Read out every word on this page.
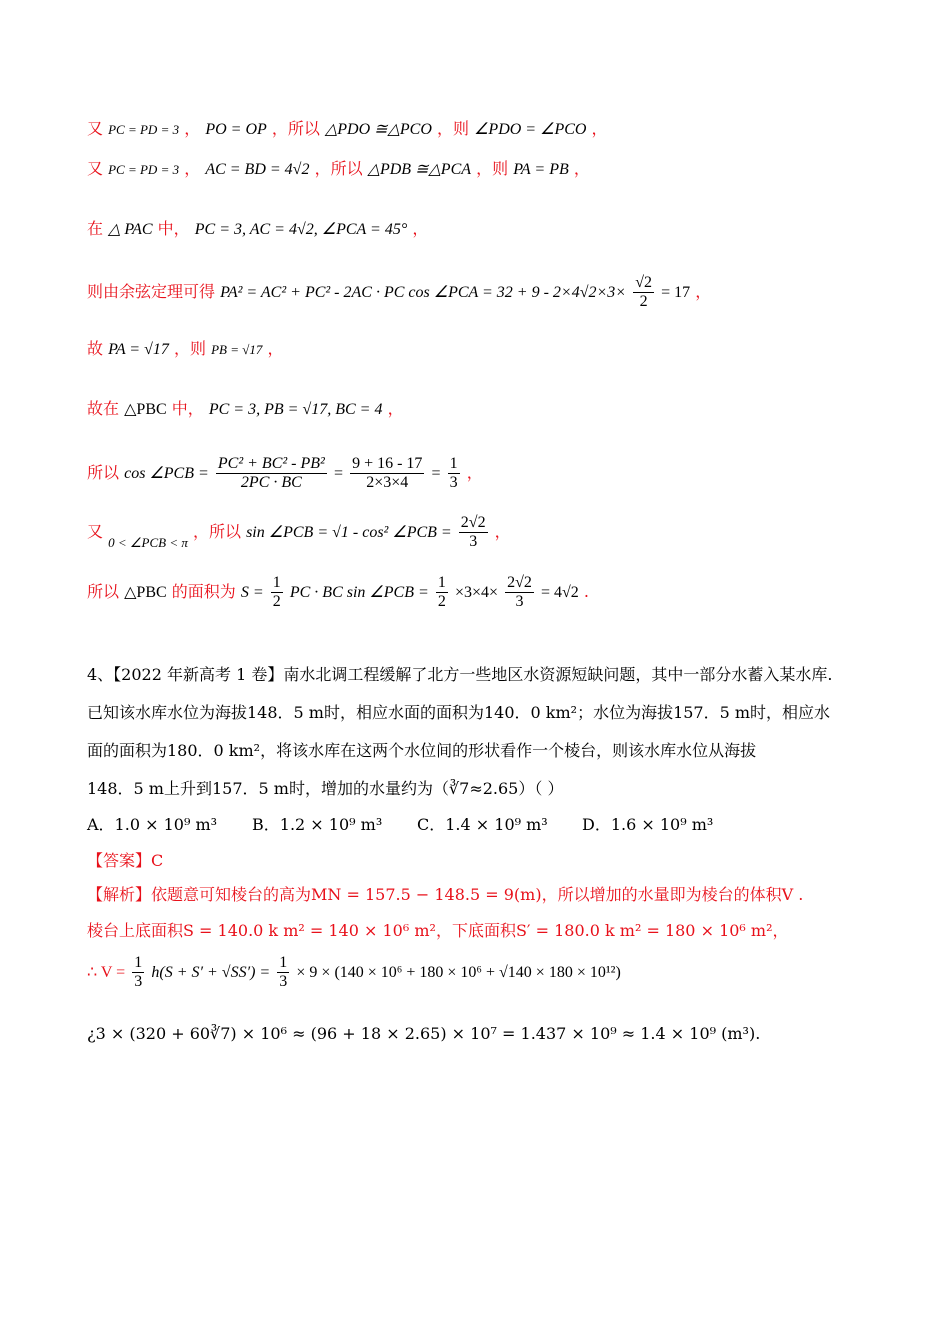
又 PC = PD = 3 ， PO = OP ，所以 △PDO ≅△PCO ，则 ∠PDO = ∠PCO ，
又 PC = PD = 3 ， AC = BD = 4√2 ，所以 △PDB ≅△PCA ，则 PA = PB ，
在 △ PAC 中， PC = 3, AC = 4√2, ∠PCA = 45° ，
则由余弦定理可得 PA² = AC² + PC² - 2AC · PC cos ∠PCA = $32 + 9 - 2\times 4√2\times 3\times \frac{√2}{2} = 17$ ，
故 PA = √17 ，则 PB = √17 ，
故在 △PBC 中， PC = 3, PB = √17, BC = 4 ，
所以 cos ∠PCB = $\frac{\text{PC² + BC² - PB²}}{2PC \cdot BC} = \frac{9 + 16 - 17}{2\times 3\times 4} = \frac{1}{3}$ ，
又 $_{0 < \angle PCB < \pi}$ ，所以 sin ∠PCB = √1 - cos² ∠PCB = $\frac{2√2}{3}$ ，
所以 △PBC 的面积为 $S = \frac{1}{2}$ PC · BC sin ∠PCB = $\frac{1}{2} \times 3\times 4\times \frac{2√2}{3} = 4√2$ .
4、【2022 年新高考 1 卷】南水北调工程缓解了北方一些地区水资源短缺问题，其中一部分水蓄入某水库.
已知该水库水位为海拔148．5 m时，相应水面的面积为140．0 km²；水位为海拔157．5 m时，相应水
面的面积为180．0 km²，将该水库在这两个水位间的形状看作一个棱台，则该水库水位从海拔
148．5 m上升到157．5 m时，增加的水量约为（∛7≈2.65）（ ）
A．1.0 × 10⁹ m³ B．1.2 × 10⁹ m³ C．1.4 × 10⁹ m³ D．1.6 × 10⁹ m³
【答案】C
【解析】依题意可知棱台的高为MN = 157.5 − 148.5 = 9(m)，所以增加的水量即为棱台的体积V .
棱台上底面积S = 140.0 k m² = 140 × 10⁶ m²，下底面积S′ = 180.0 k m² = 180 × 10⁶ m²，
∴ $V = \frac{1}{3} h(S + S' + √SS') = \frac{1}{3} \times 9 \times (140 \times 10^6 + 180 \times 10^6 + √140 \times 180 \times 10^{12})$
¿3 × (320 + 60∛7) × 10⁶ ≈ (96 + 18 × 2.65) × 10⁷ = 1.437 × 10⁹ ≈ 1.4 × 10⁹ (m³).
